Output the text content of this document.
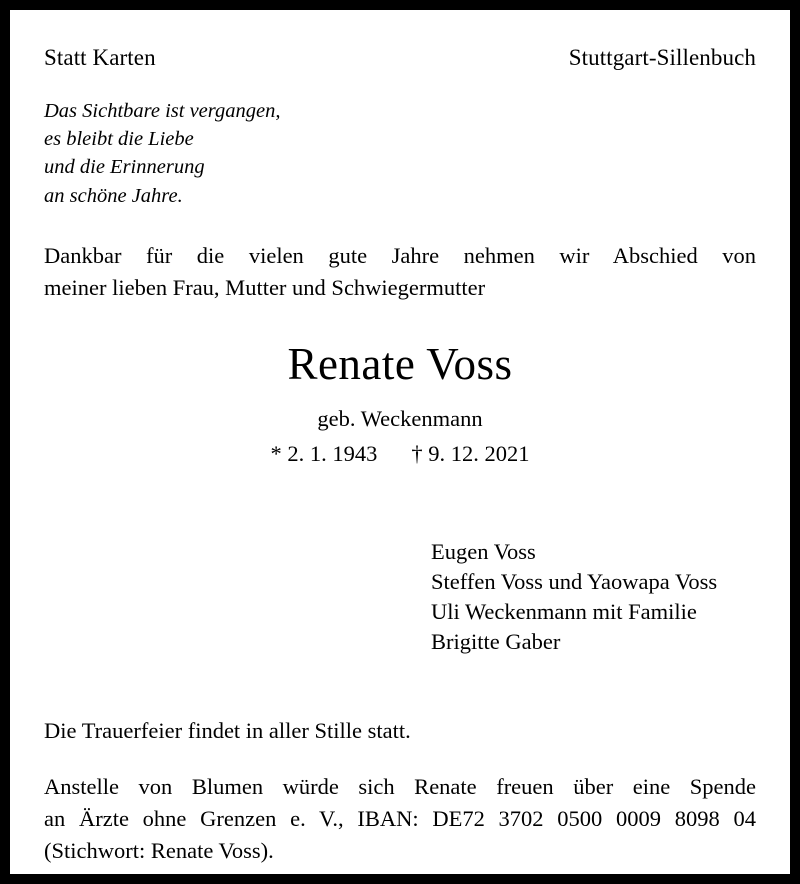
Statt Karten	Stuttgart-Sillenbuch
Das Sichtbare ist vergangen,
es bleibt die Liebe
und die Erinnerung
an schöne Jahre.
Dankbar für die vielen gute Jahre nehmen wir Abschied von
meiner lieben Frau, Mutter und Schwiegermutter
Renate Voss
geb. Weckenmann
* 2. 1. 1943 † 9. 12. 2021
Eugen Voss
Steffen Voss und Yaowapa Voss
Uli Weckenmann mit Familie
Brigitte Gaber
Die Trauerfeier findet in aller Stille statt.
Anstelle von Blumen würde sich Renate freuen über eine Spende
an Ärzte ohne Grenzen e. V., IBAN: DE72 3702 0500 0009 8098 04
(Stichwort: Renate Voss).
